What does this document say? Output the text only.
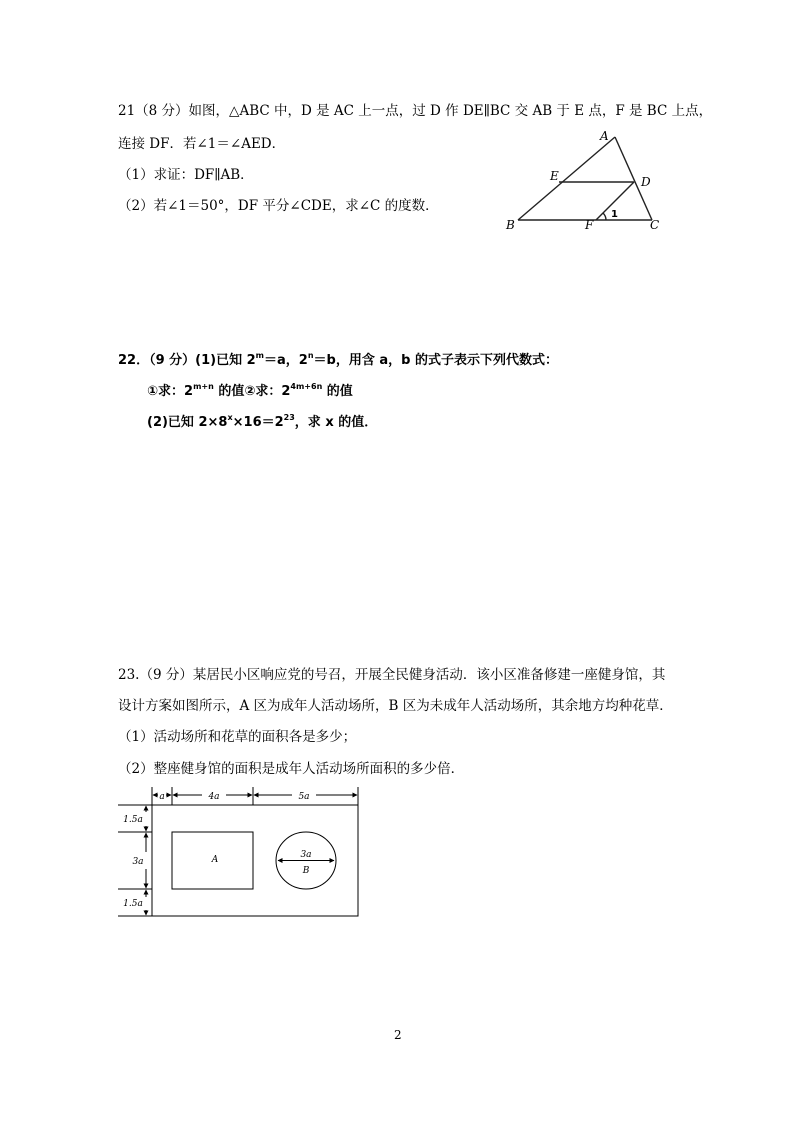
21（8 分）如图，△ABC 中，D 是 AC 上一点，过 D 作 DE∥BC 交 AB 于 E 点，F 是 BC 上点，
连接 DF．若∠1＝∠AED．
（1）求证：DF∥AB．
（2）若∠1＝50°，DF 平分∠CDE，求∠C 的度数．
A
B	C
D
E
F
1
22．（9 分）(1)已知 $2^m=a$，$2^n=b$，用含 a，b 的式子表示下列代数式：
①求：$2^{m+n}$ 的值②求：$2^{4m+6n}$ 的值
(2)已知 $2\times 8^x\times 16=2^{23}$，求 x 的值．
23.（9 分）某居民小区响应党的号召，开展全民健身活动．该小区准备修建一座健身馆，其
设计方案如图所示，A 区为成年人活动场所，B 区为未成年人活动场所，其余地方均种花草．
（1）活动场所和花草的面积各是多少；
（2）整座健身馆的面积是成年人活动场所面积的多少倍．
a	4a	5a
1.5a
3a
1.5a
A	3a
B
2
